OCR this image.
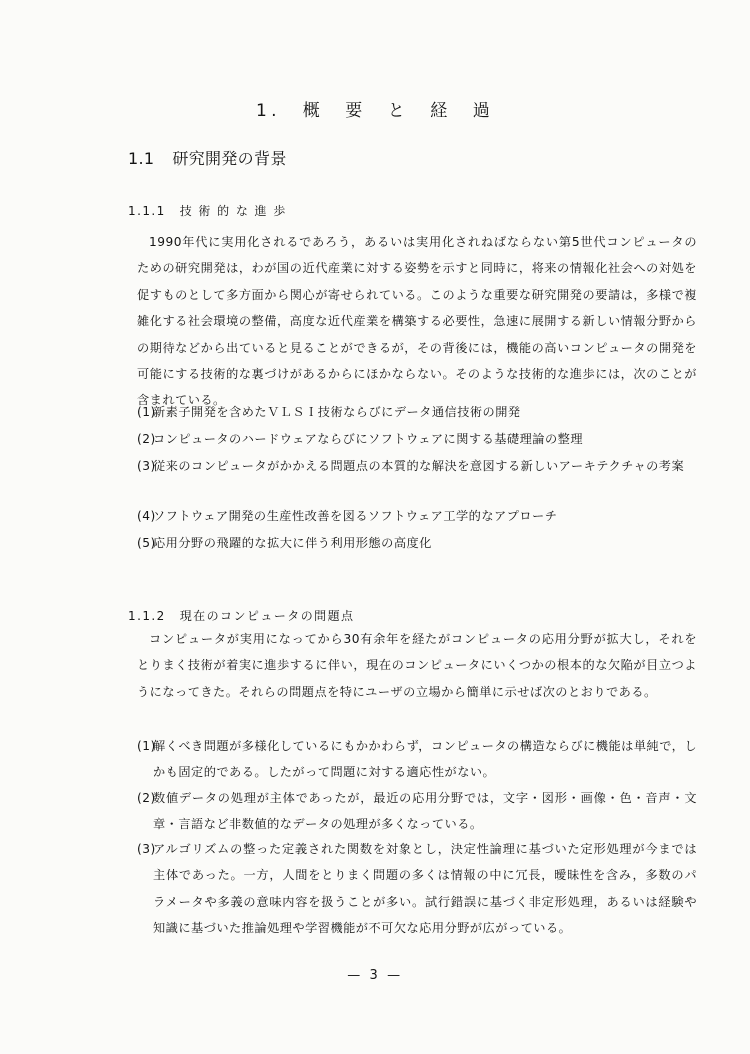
1. 概　要　と　経　過
1.1 研究開発の背景
1.1.1 技 術 的 な 進 歩
1990年代に実用化されるであろう，あるいは実用化されねばならない第5世代コンピュータのための研究開発は，わが国の近代産業に対する姿勢を示すと同時に，将来の情報化社会への対処を促すものとして多方面から関心が寄せられている。このような重要な研究開発の要請は，多様で複雑化する社会環境の整備，高度な近代産業を構築する必要性，急速に展開する新しい情報分野からの期待などから出ていると見ることができるが，その背後には，機能の高いコンピュータの開発を可能にする技術的な裏づけがあるからにほかならない。そのような技術的な進歩には，次のことが含まれている。
(1)
新素子開発を含めたＶＬＳＩ技術ならびにデータ通信技術の開発
(2)
コンピュータのハードウェアならびにソフトウェアに関する基礎理論の整理
(3)
従来のコンピュータがかかえる問題点の本質的な解決を意図する新しいアーキテクチャの考案
(4)
ソフトウェア開発の生産性改善を図るソフトウェア工学的なアプローチ
(5)
応用分野の飛躍的な拡大に伴う利用形態の高度化
1.1.2 現在のコンピュータの問題点
コンピュータが実用になってから30有余年を経たがコンピュータの応用分野が拡大し，それをとりまく技術が着実に進歩するに伴い，現在のコンピュータにいくつかの根本的な欠陥が目立つようになってきた。それらの問題点を特にユーザの立場から簡単に示せば次のとおりである。
(1)
解くべき問題が多様化しているにもかかわらず，コンピュータの構造ならびに機能は単純で，しかも固定的である。したがって問題に対する適応性がない。
(2)
数値データの処理が主体であったが，最近の応用分野では，文字・図形・画像・色・音声・文章・言語など非数値的なデータの処理が多くなっている。
(3)
アルゴリズムの整った定義された関数を対象とし，決定性論理に基づいた定形処理が今までは主体であった。一方，人間をとりまく問題の多くは情報の中に冗長，曖昧性を含み，多数のパラメータや多義の意味内容を扱うことが多い。試行錯誤に基づく非定形処理，あるいは経験や知識に基づいた推論処理や学習機能が不可欠な応用分野が広がっている。
— 3 —
